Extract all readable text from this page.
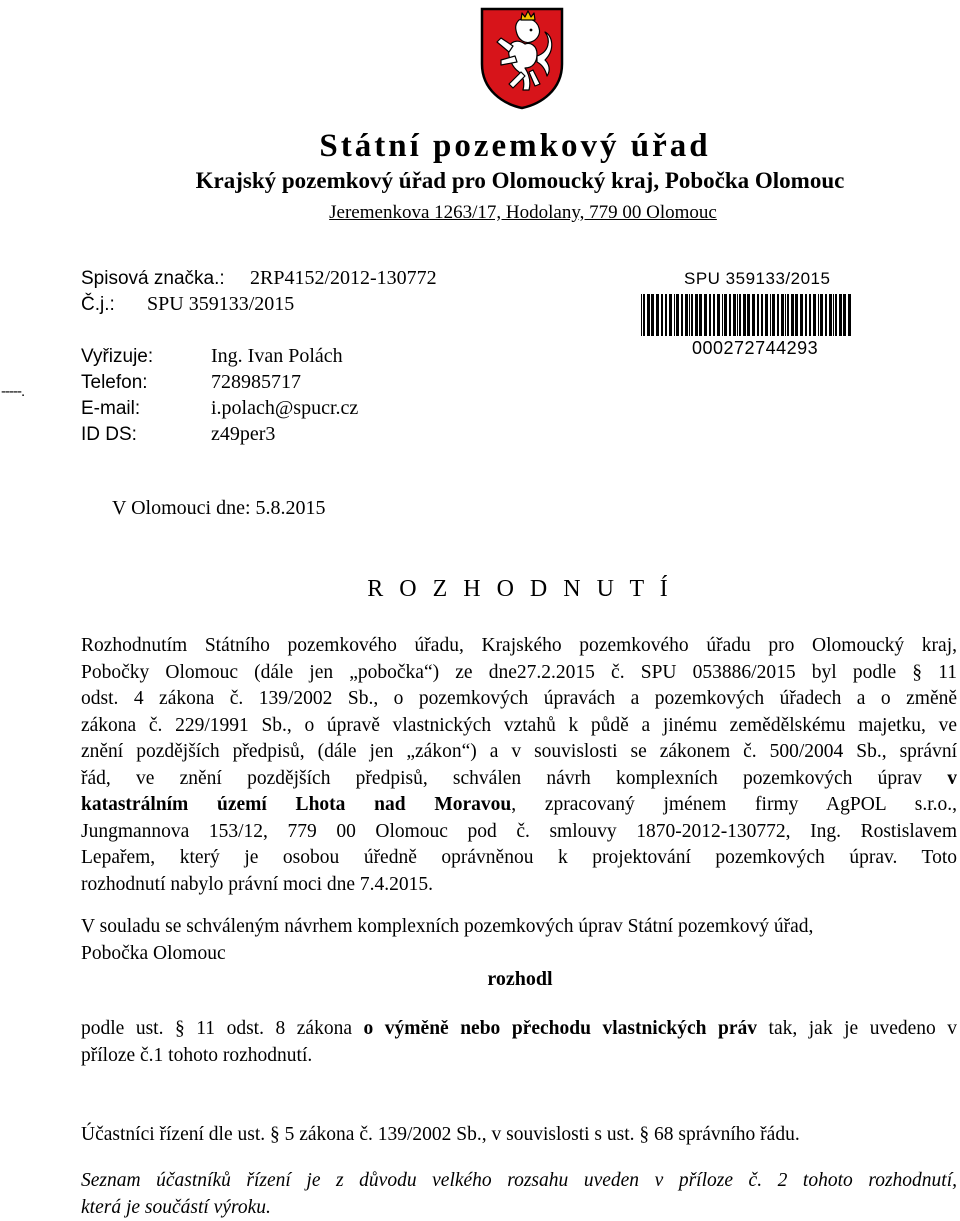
Státní pozemkový úřad
Krajský pozemkový úřad pro Olomoucký kraj, Pobočka Olomouc
Jeremenkova 1263/17, Hodolany, 779 00 Olomouc
Spisová značka.: 2RP4152/2012-130772
Č.j.: SPU 359133/2015
Vyřizuje:	Ing. Ivan Polách
Telefon:	728985717
E-mail:	i.polach@spucr.cz
ID DS:	z49per3
SPU 359133/2015
000272744293
-----.
V Olomouci dne: 5.8.2015
R O Z H O D N U T Í
Rozhodnutím Státního pozemkového úřadu, Krajského pozemkového úřadu pro Olomoucký kraj,
Pobočky Olomouc (dále jen „pobočka“) ze dne27.2.2015 č. SPU 053886/2015 byl podle § 11
odst. 4 zákona č. 139/2002 Sb., o pozemkových úpravách a pozemkových úřadech a o změně
zákona č. 229/1991 Sb., o úpravě vlastnických vztahů k půdě a jinému zemědělskému majetku, ve
znění pozdějších předpisů, (dále jen „zákon“) a v souvislosti se zákonem č. 500/2004 Sb., správní
řád, ve znění pozdějších předpisů, schválen návrh komplexních pozemkových úprav v
katastrálním území Lhota nad Moravou, zpracovaný jménem firmy AgPOL s.r.o.,
Jungmannova 153/12, 779 00 Olomouc pod č. smlouvy 1870-2012-130772, Ing. Rostislavem
Lepařem, který je osobou úředně oprávněnou k projektování pozemkových úprav. Toto
rozhodnutí nabylo právní moci dne 7.4.2015.
V souladu se schváleným návrhem komplexních pozemkových úprav Státní pozemkový úřad,
Pobočka Olomouc
rozhodl
podle ust. § 11 odst. 8 zákona o výměně nebo přechodu vlastnických práv tak, jak je uvedeno v
příloze č.1 tohoto rozhodnutí.
Účastníci řízení dle ust. § 5 zákona č. 139/2002 Sb., v souvislosti s ust. § 68 správního řádu.
Seznam účastníků řízení je z důvodu velkého rozsahu uveden v příloze č. 2 tohoto rozhodnutí,
která je součástí výroku.
